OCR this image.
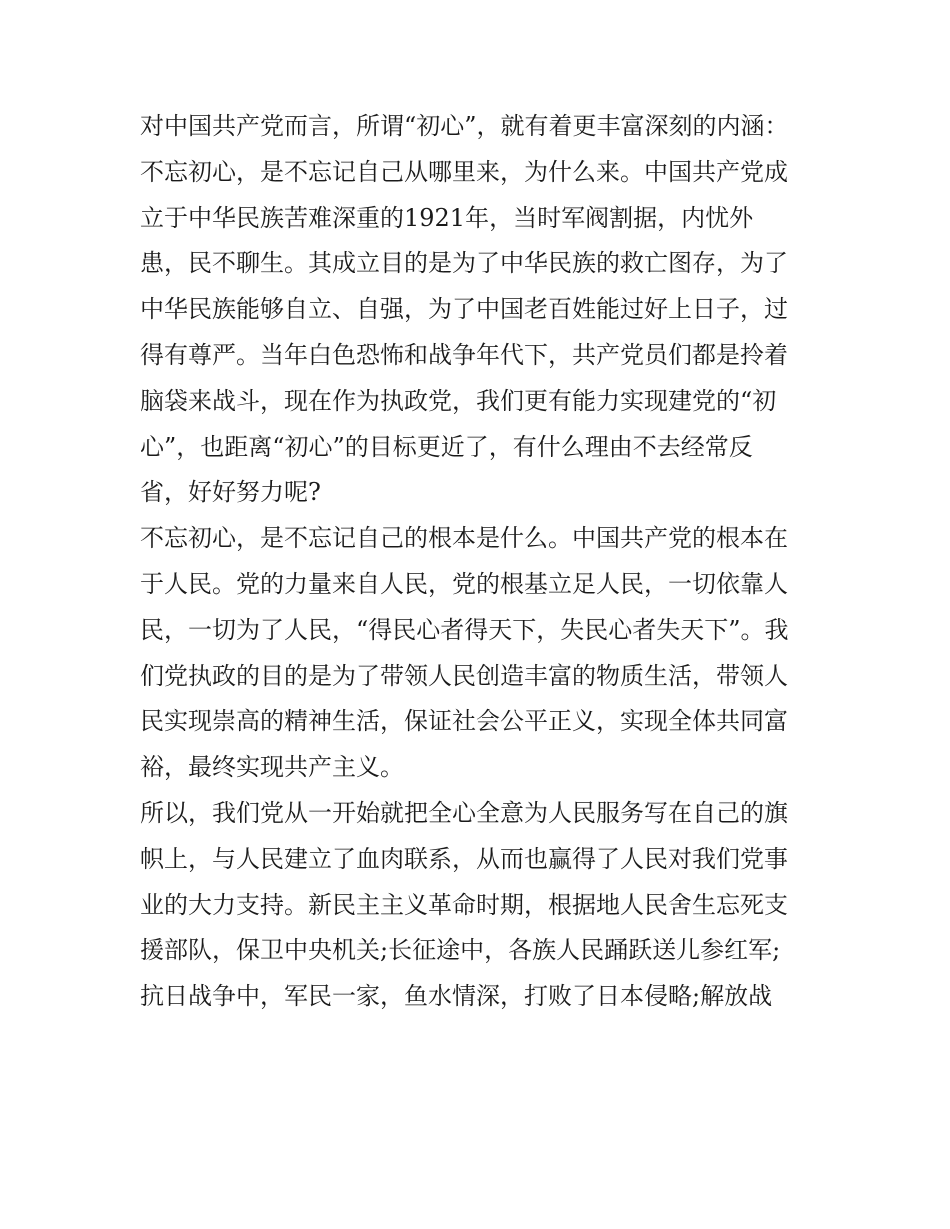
对中国共产党而言，所谓“初心”，就有着更丰富深刻的内涵：

不忘初心，是不忘记自己从哪里来，为什么来。中国共产党成

立于中华民族苦难深重的1921年，当时军阀割据，内忧外

患，民不聊生。其成立目的是为了中华民族的救亡图存，为了

中华民族能够自立、自强，为了中国老百姓能过好上日子，过

得有尊严。当年白色恐怖和战争年代下，共产党员们都是拎着

脑袋来战斗，现在作为执政党，我们更有能力实现建党的“初

心”，也距离“初心”的目标更近了，有什么理由不去经常反

省，好好努力呢?

不忘初心，是不忘记自己的根本是什么。中国共产党的根本在

于人民。党的力量来自人民，党的根基立足人民，一切依靠人

民，一切为了人民，“得民心者得天下，失民心者失天下”。我

们党执政的目的是为了带领人民创造丰富的物质生活，带领人

民实现崇高的精神生活，保证社会公平正义，实现全体共同富

裕，最终实现共产主义。

所以，我们党从一开始就把全心全意为人民服务写在自己的旗

帜上，与人民建立了血肉联系，从而也赢得了人民对我们党事

业的大力支持。新民主主义革命时期，根据地人民舍生忘死支

援部队，保卫中央机关;长征途中，各族人民踊跃送儿参红军;

抗日战争中，军民一家，鱼水情深，打败了日本侵略;解放战
